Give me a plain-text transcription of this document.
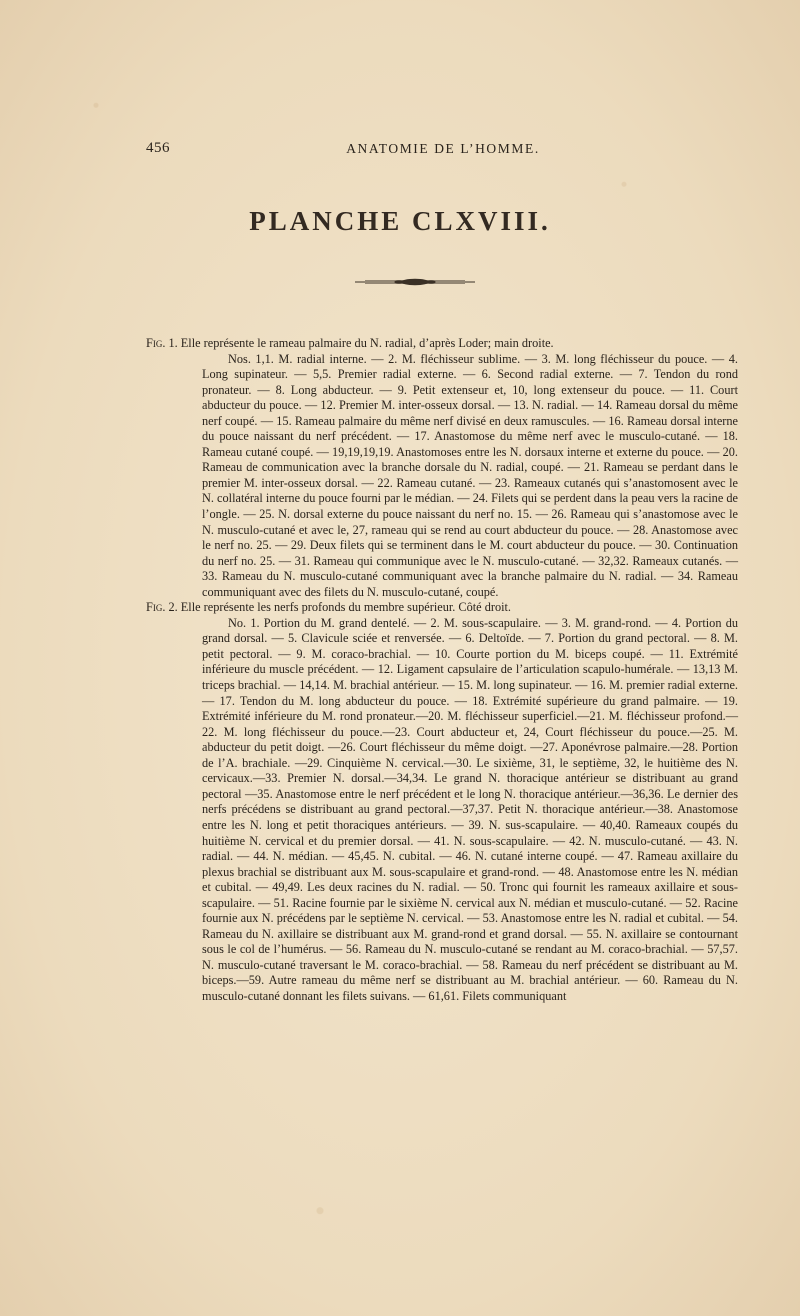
456	ANATOMIE DE L’HOMME.
PLANCHE CLXVIII.

Fig. 1. Elle représente le rameau palmaire du N. radial, d’après Loder; main droite.

Nos. 1,1. M. radial interne. — 2. M. fléchisseur sublime. — 3. M. long fléchisseur du pouce. — 4. Long supinateur. — 5,5. Premier radial externe. — 6. Second radial externe. — 7. Tendon du rond pronateur. — 8. Long abducteur. — 9. Petit extenseur et, 10, long extenseur du pouce. — 11. Court abducteur du pouce. — 12. Premier M. inter-osseux dorsal. — 13. N. radial. — 14. Rameau dorsal du même nerf coupé. — 15. Rameau palmaire du même nerf divisé en deux ramuscules. — 16. Rameau dorsal interne du pouce naissant du nerf précédent. — 17. Anastomose du même nerf avec le musculo-cutané. — 18. Rameau cutané coupé. — 19,19,19,19. Anastomoses entre les N. dorsaux interne et externe du pouce. — 20. Rameau de communication avec la branche dorsale du N. radial, coupé. — 21. Rameau se perdant dans le premier M. inter-osseux dorsal. — 22. Rameau cutané. — 23. Rameaux cutanés qui s’anastomosent avec le N. collatéral interne du pouce fourni par le médian. — 24. Filets qui se perdent dans la peau vers la racine de l’ongle. — 25. N. dorsal externe du pouce naissant du nerf no. 15. — 26. Rameau qui s’anastomose avec le N. musculo-cutané et avec le, 27, rameau qui se rend au court abducteur du pouce. — 28. Anastomose avec le nerf no. 25. — 29. Deux filets qui se terminent dans le M. court abducteur du pouce. — 30. Continuation du nerf no. 25. — 31. Rameau qui communique avec le N. musculo-cutané. — 32,32. Rameaux cutanés. — 33. Rameau du N. musculo-cutané communiquant avec la branche palmaire du N. radial. — 34. Rameau communiquant avec des filets du N. musculo-cutané, coupé.

Fig. 2. Elle représente les nerfs profonds du membre supérieur. Côté droit.

No. 1. Portion du M. grand dentelé. — 2. M. sous-scapulaire. — 3. M. grand-rond. — 4. Portion du grand dorsal. — 5. Clavicule sciée et renversée. — 6. Deltoïde. — 7. Portion du grand pectoral. — 8. M. petit pectoral. — 9. M. coraco-brachial. — 10. Courte portion du M. biceps coupé. — 11. Extrémité inférieure du muscle précédent. — 12. Ligament capsulaire de l’articulation scapulo-humérale. — 13,13 M. triceps brachial. — 14,14. M. brachial antérieur. — 15. M. long supinateur. — 16. M. premier radial externe. — 17. Tendon du M. long abducteur du pouce. — 18. Extrémité supérieure du grand palmaire. — 19. Extrémité inférieure du M. rond pronateur.—20. M. fléchisseur superficiel.—21. M. fléchisseur profond.—22. M. long fléchisseur du pouce.—23. Court abducteur et, 24, Court fléchisseur du pouce.—25. M. abducteur du petit doigt. —26. Court fléchisseur du même doigt. —27. Aponévrose palmaire.—28. Portion de l’A. brachiale. —29. Cinquième N. cervical.—30. Le sixième, 31, le septième, 32, le huitième des N. cervicaux.—33. Premier N. dorsal.—34,34. Le grand N. thoracique antérieur se distribuant au grand pectoral —35. Anastomose entre le nerf précédent et le long N. thoracique antérieur.—36,36. Le dernier des nerfs précédens se distribuant au grand pectoral.—37,37. Petit N. thoracique antérieur.—38. Anastomose entre les N. long et petit thoraciques antérieurs. — 39. N. sus-scapulaire. — 40,40. Rameaux coupés du huitième N. cervical et du premier dorsal. — 41. N. sous-scapulaire. — 42. N. musculo-cutané. — 43. N. radial. — 44. N. médian. — 45,45. N. cubital. — 46. N. cutané interne coupé. — 47. Rameau axillaire du plexus brachial se distribuant aux M. sous-scapulaire et grand-rond. — 48. Anastomose entre les N. médian et cubital. — 49,49. Les deux racines du N. radial. — 50. Tronc qui fournit les rameaux axillaire et sous-scapulaire. — 51. Racine fournie par le sixième N. cervical aux N. médian et musculo-cutané. — 52. Racine fournie aux N. précédens par le septième N. cervical. — 53. Anastomose entre les N. radial et cubital. — 54. Rameau du N. axillaire se distribuant aux M. grand-rond et grand dorsal. — 55. N. axillaire se contournant sous le col de l’humérus. — 56. Rameau du N. musculo-cutané se rendant au M. coraco-brachial. — 57,57. N. musculo-cutané traversant le M. coraco-brachial. — 58. Rameau du nerf précédent se distribuant au M. biceps.—59. Autre rameau du même nerf se distribuant au M. brachial antérieur. — 60. Rameau du N. musculo-cutané donnant les filets suivans. — 61,61. Filets communiquant
